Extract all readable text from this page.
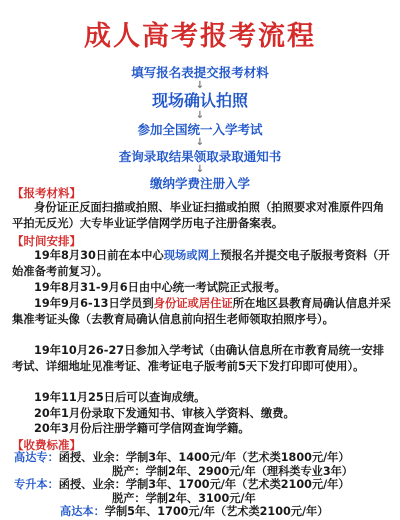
成人高考报考流程
填写报名表提交报考材料
↓
现场确认拍照
↓
参加全国统一入学考试
↓
查询录取结果领取录取通知书
↓
缴纳学费注册入学
【报考材料】
身份证正反面扫描或拍照、毕业证扫描或拍照（拍照要求对准原件四角平拍无反光）大专毕业证学信网学历电子注册备案表。
【时间安排】
19年8月30日前在本中心现场或网上预报名并提交电子版报考资料（开始准备考前复习）。
19年8月31-9月6日由中心统一考试院正式报考。
19年9月6-13日学员到身份证或居住证所在地区县教育局确认信息并采集准考证头像（去教育局确认信息前向招生老师领取拍照序号）。
19年10月26-27日参加入学考试（由确认信息所在市教育局统一安排考试、详细地址见准考证、准考证电子版考前5天下发打印即可使用）。
19年11月25日后可以查询成绩。
20年1月份录取下发通知书、审核入学资料、缴费。
20年3月份后注册学籍可学信网查询学籍。
【收费标准】
高达专：函授、业余：学制3年、1400元/年（艺术类1800元/年）
脱产：学制2年、2900元/年（理科类专业3年）
专升本：函授、业余：学制3年、1700元/年（艺术类2100元/年）
脱产：学制2年、3100元/年
高达本：学制5年、1700元/年（艺术类2100元/年）
